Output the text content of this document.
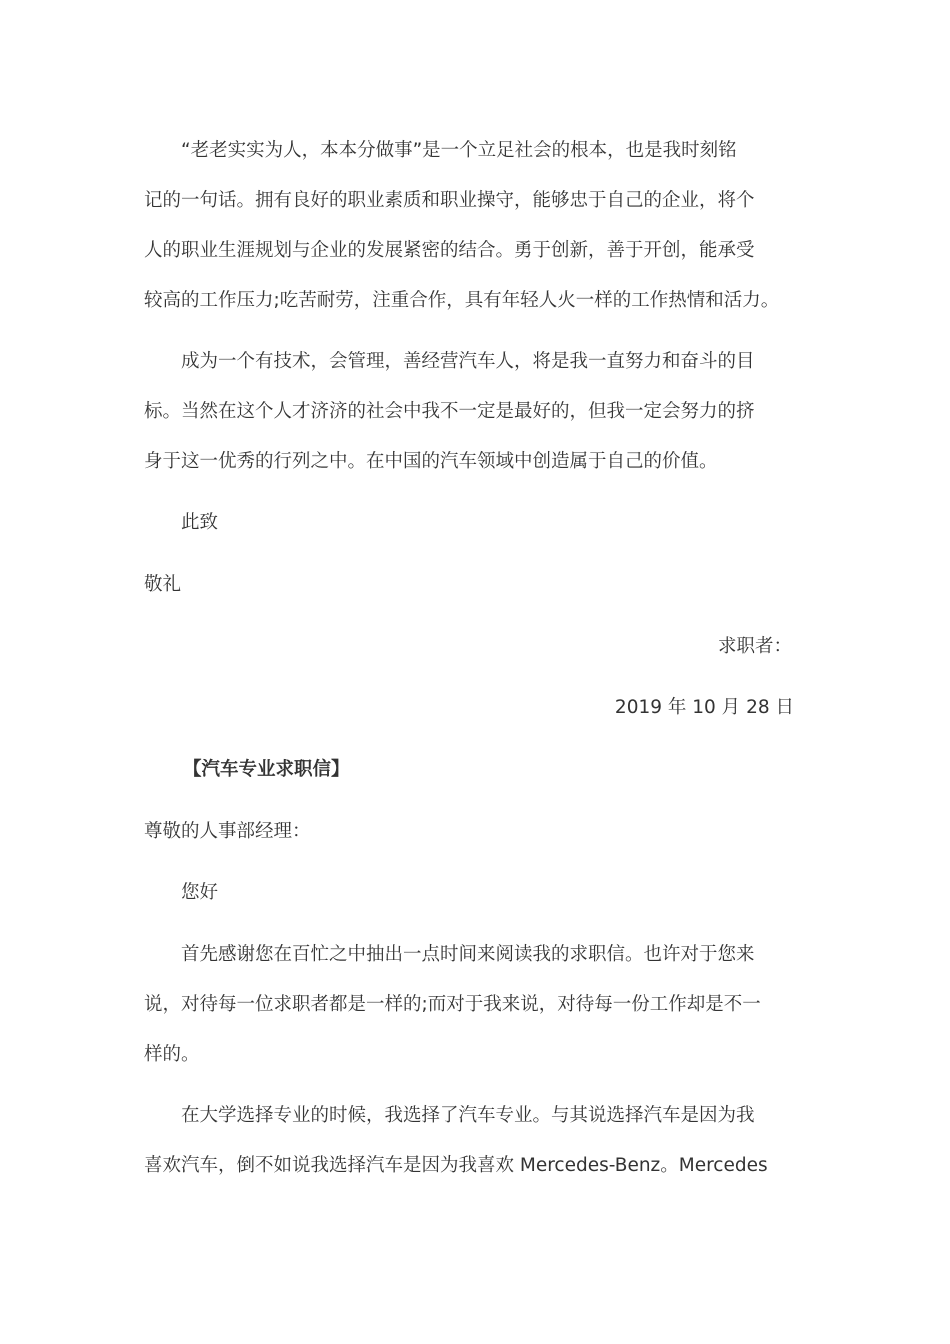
“老老实实为人，本本分做事”是一个立足社会的根本，也是我时刻铭

记的一句话。拥有良好的职业素质和职业操守，能够忠于自己的企业，将个

人的职业生涯规划与企业的发展紧密的结合。勇于创新，善于开创，能承受

较高的工作压力;吃苦耐劳，注重合作，具有年轻人火一样的工作热情和活力。

成为一个有技术，会管理，善经营汽车人，将是我一直努力和奋斗的目

标。当然在这个人才济济的社会中我不一定是最好的，但我一定会努力的挤

身于这一优秀的行列之中。在中国的汽车领域中创造属于自己的价值。

此致

敬礼

求职者：

2019 年 10 月 28 日

【汽车专业求职信】

尊敬的人事部经理：

您好

首先感谢您在百忙之中抽出一点时间来阅读我的求职信。也许对于您来

说，对待每一位求职者都是一样的;而对于我来说，对待每一份工作却是不一

样的。

在大学选择专业的时候，我选择了汽车专业。与其说选择汽车是因为我

喜欢汽车，倒不如说我选择汽车是因为我喜欢 Mercedes-Benz。Mercedes
